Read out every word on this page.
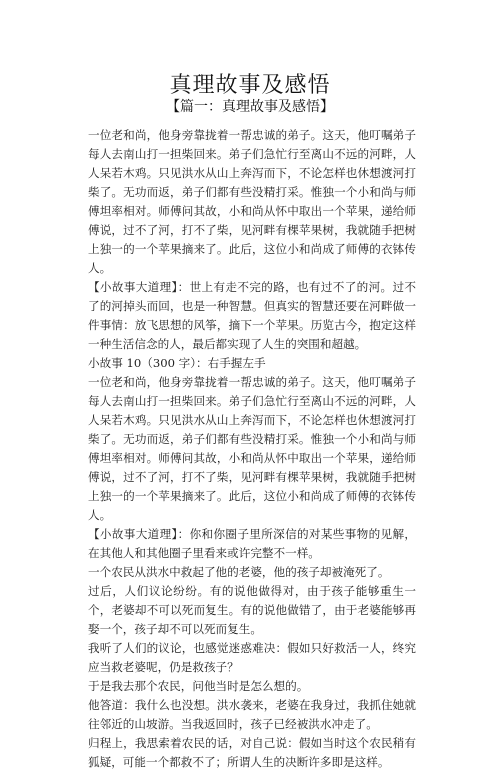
真理故事及感悟
【篇一：真理故事及感悟】

一位老和尚，他身旁靠拢着一帮忠诚的弟子。这天，他叮嘱弟子每人去南山打一担柴回来。弟子们急忙行至离山不远的河畔，人人呆若木鸡。只见洪水从山上奔泻而下，不论怎样也休想渡河打柴了。无功而返，弟子们都有些没精打采。惟独一个小和尚与师傅坦率相对。师傅问其故，小和尚从怀中取出一个苹果，递给师傅说，过不了河，打不了柴，见河畔有棵苹果树，我就随手把树上独一的一个苹果摘来了。此后，这位小和尚成了师傅的衣钵传人。

【小故事大道理】：世上有走不完的路，也有过不了的河。过不了的河掉头而回，也是一种智慧。但真实的智慧还要在河畔做一件事情：放飞思想的风筝，摘下一个苹果。历览古今，抱定这样一种生活信念的人，最后都实现了人生的突围和超越。

小故事 10（300 字）：右手握左手

一位老和尚，他身旁靠拢着一帮忠诚的弟子。这天，他叮嘱弟子每人去南山打一担柴回来。弟子们急忙行至离山不远的河畔，人人呆若木鸡。只见洪水从山上奔泻而下，不论怎样也休想渡河打柴了。无功而返，弟子们都有些没精打采。惟独一个小和尚与师傅坦率相对。师傅问其故，小和尚从怀中取出一个苹果，递给师傅说，过不了河，打不了柴，见河畔有棵苹果树，我就随手把树上独一的一个苹果摘来了。此后，这位小和尚成了师傅的衣钵传人。

【小故事大道理】：你和你圈子里所深信的对某些事物的见解，在其他人和其他圈子里看来或许完整不一样。

一个农民从洪水中救起了他的老婆，他的孩子却被淹死了。

过后，人们议论纷纷。有的说他做得对，由于孩子能够重生一个，老婆却不可以死而复生。有的说他做错了，由于老婆能够再娶一个，孩子却不可以死而复生。

我听了人们的议论，也感觉迷惑难决：假如只好救活一人，终究应当救老婆呢，仍是救孩子？

于是我去那个农民，问他当时是怎么想的。

他答道：我什么也没想。洪水袭来，老婆在我身过，我抓住她就往邻近的山坡游。当我返回时，孩子已经被洪水冲走了。

归程上，我思索着农民的话，对自己说：假如当时这个农民稍有狐疑，可能一个都救不了；所谓人生的决断许多即是这样。
